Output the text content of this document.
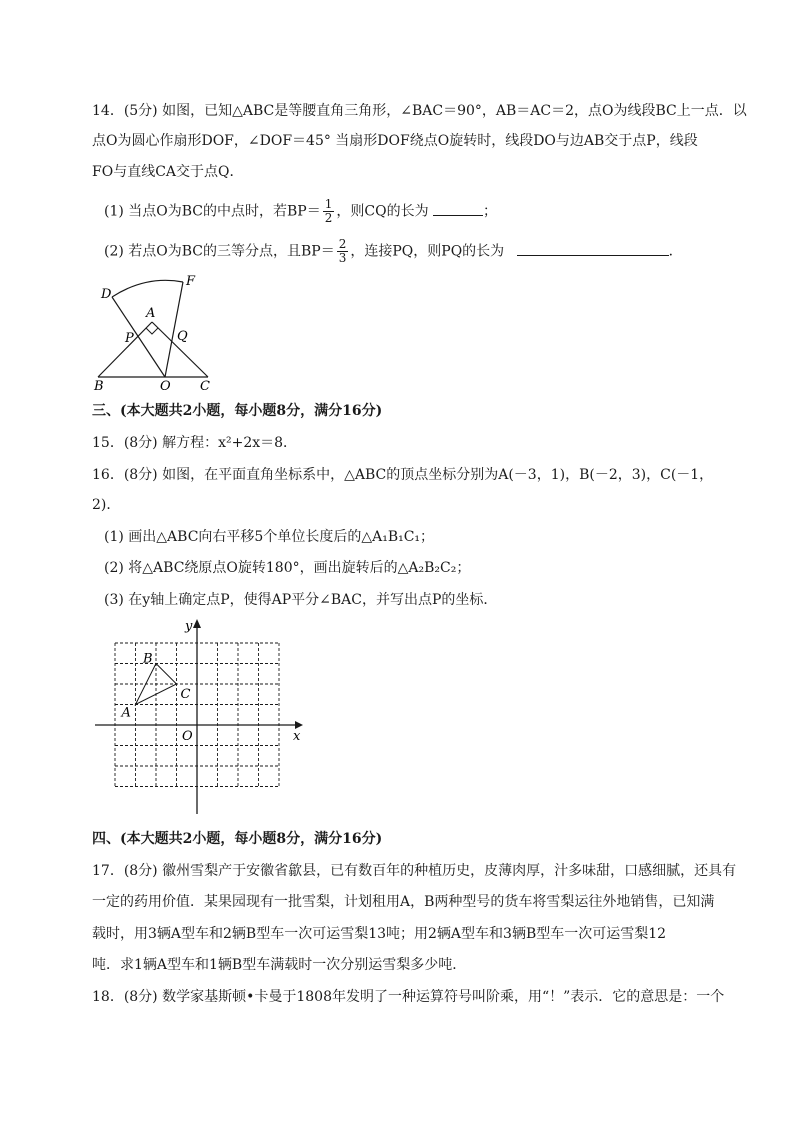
14．(5分) 如图，已知△ABC是等腰直角三角形，∠BAC＝90°，AB＝AC＝2，点O为线段BC上一点．以
点O为圆心作扇形DOF，∠DOF＝45° 当扇形DOF绕点O旋转时，线段DO与边AB交于点P，线段
FO与直线CA交于点Q．
(1) 当点O为BC的中点时，若$BP= \frac{1}{2}$ ，则CQ的长为	；
(2) 若点O为BC的三等分点，且$BP= \frac{2}{3}$ ，连接PQ，则PQ的长为	．
D
F
A
P	Q
B	O C
三、(本大题共2小题，每小题8分，满分16分)
15．(8分) 解方程：x²+2x＝8．
16．(8分) 如图，在平面直角坐标系中，△ABC的顶点坐标分别为A(－3，1)，B(－2，3)，C(－1，
2)．
(1) 画出△ABC向右平移5个单位长度后的△A₁B₁C₁；
(2) 将△ABC绕原点O旋转180°，画出旋转后的△A₂B₂C₂；
(3) 在y轴上确定点P，使得AP平分∠BAC，并写出点P的坐标．
y
x
O
A
B
C
四、(本大题共2小题，每小题8分，满分16分)
17．(8分) 徽州雪梨产于安徽省歙县，已有数百年的种植历史，皮薄肉厚，汁多味甜，口感细腻，还具有
一定的药用价值．某果园现有一批雪梨，计划租用A，B两种型号的货车将雪梨运往外地销售，已知满
载时，用3辆A型车和2辆B型车一次可运雪梨13吨；用2辆A型车和3辆B型车一次可运雪梨12
吨．求1辆A型车和1辆B型车满载时一次分别运雪梨多少吨．
18．(8分) 数学家基斯顿•卡曼于1808年发明了一种运算符号叫阶乘，用“！”表示．它的意思是：一个
